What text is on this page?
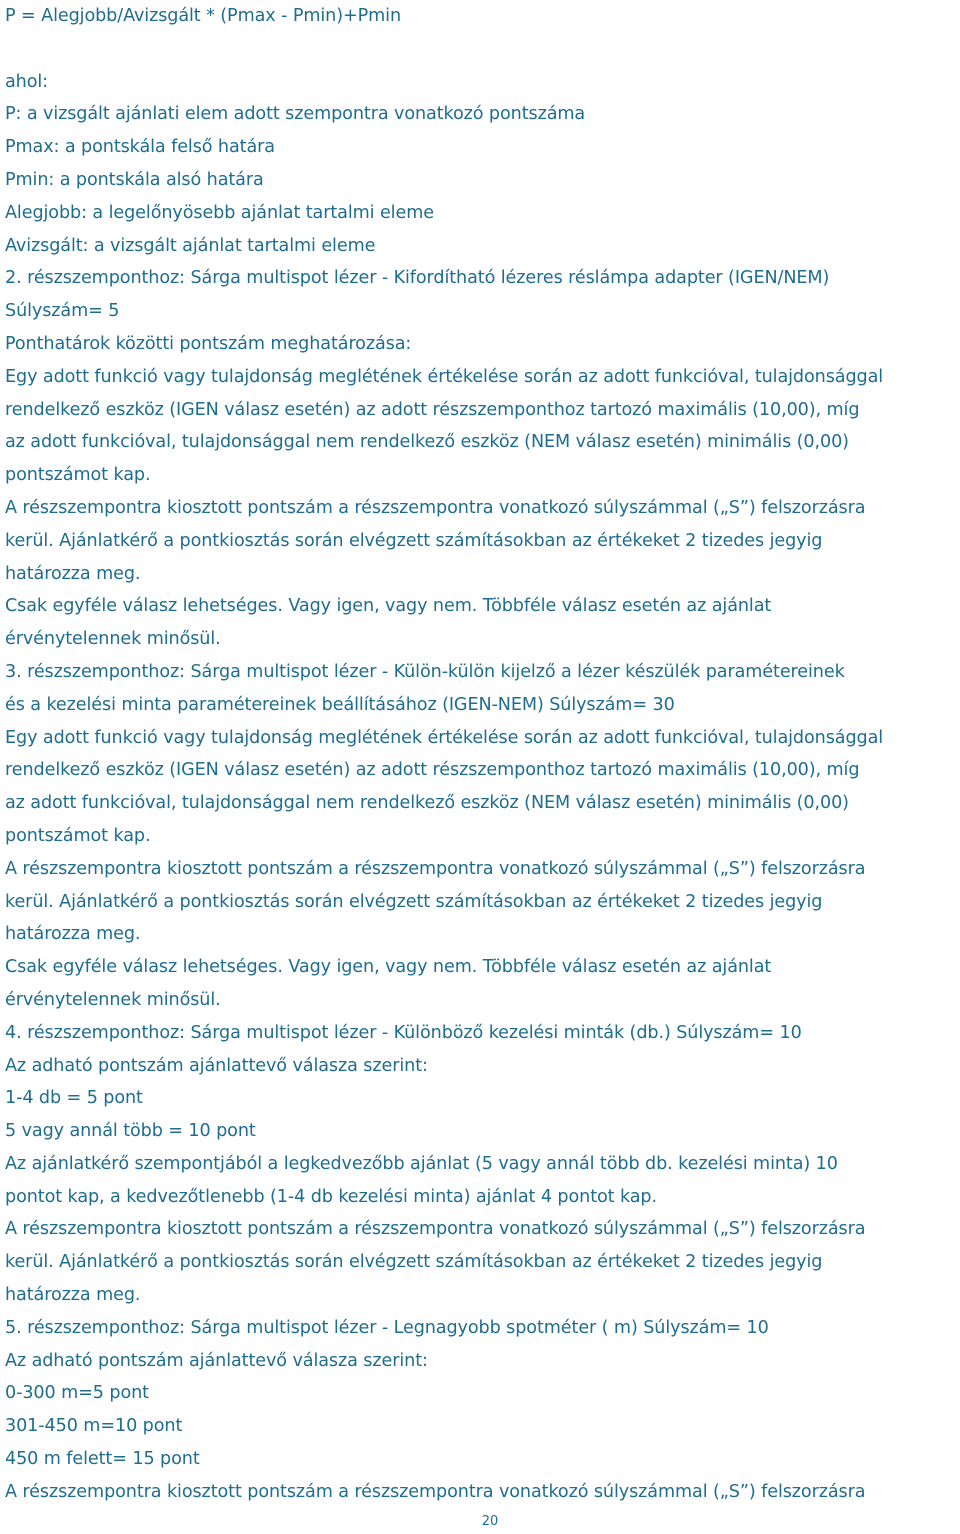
P = Alegjobb/Avizsgált * (Pmax - Pmin)+Pmin
ahol:
P: a vizsgált ajánlati elem adott szempontra vonatkozó pontszáma
Pmax: a pontskála felső határa
Pmin: a pontskála alsó határa
Alegjobb: a legelőnyösebb ajánlat tartalmi eleme
Avizsgált: a vizsgált ajánlat tartalmi eleme
2. részszemponthoz: Sárga multispot lézer - Kifordítható lézeres réslámpa adapter (IGEN/NEM)
Súlyszám= 5
Ponthatárok közötti pontszám meghatározása:
Egy adott funkció vagy tulajdonság meglétének értékelése során az adott funkcióval, tulajdonsággal
rendelkező eszköz (IGEN válasz esetén) az adott részszemponthoz tartozó maximális (10,00), míg
az adott funkcióval, tulajdonsággal nem rendelkező eszköz (NEM válasz esetén) minimális (0,00)
pontszámot kap.
A részszempontra kiosztott pontszám a részszempontra vonatkozó súlyszámmal („S”) felszorzásra
kerül. Ajánlatkérő a pontkiosztás során elvégzett számításokban az értékeket 2 tizedes jegyig
határozza meg.
Csak egyféle válasz lehetséges. Vagy igen, vagy nem. Többféle válasz esetén az ajánlat
érvénytelennek minősül.
3. részszemponthoz: Sárga multispot lézer - Külön-külön kijelző a lézer készülék paramétereinek
és a kezelési minta paramétereinek beállításához (IGEN-NEM) Súlyszám= 30
Egy adott funkció vagy tulajdonság meglétének értékelése során az adott funkcióval, tulajdonsággal
rendelkező eszköz (IGEN válasz esetén) az adott részszemponthoz tartozó maximális (10,00), míg
az adott funkcióval, tulajdonsággal nem rendelkező eszköz (NEM válasz esetén) minimális (0,00)
pontszámot kap.
A részszempontra kiosztott pontszám a részszempontra vonatkozó súlyszámmal („S”) felszorzásra
kerül. Ajánlatkérő a pontkiosztás során elvégzett számításokban az értékeket 2 tizedes jegyig
határozza meg.
Csak egyféle válasz lehetséges. Vagy igen, vagy nem. Többféle válasz esetén az ajánlat
érvénytelennek minősül.
4. részszemponthoz: Sárga multispot lézer - Különböző kezelési minták (db.) Súlyszám= 10
Az adható pontszám ajánlattevő válasza szerint:
1-4 db = 5 pont
5 vagy annál több = 10 pont
Az ajánlatkérő szempontjából a legkedvezőbb ajánlat (5 vagy annál több db. kezelési minta) 10
pontot kap, a kedvezőtlenebb (1-4 db kezelési minta) ajánlat 4 pontot kap.
A részszempontra kiosztott pontszám a részszempontra vonatkozó súlyszámmal („S”) felszorzásra
kerül. Ajánlatkérő a pontkiosztás során elvégzett számításokban az értékeket 2 tizedes jegyig
határozza meg.
5. részszemponthoz: Sárga multispot lézer - Legnagyobb spotméter ( m) Súlyszám= 10
Az adható pontszám ajánlattevő válasza szerint:
0-300 m=5 pont
301-450 m=10 pont
450 m felett= 15 pont
A részszempontra kiosztott pontszám a részszempontra vonatkozó súlyszámmal („S”) felszorzásra
20
